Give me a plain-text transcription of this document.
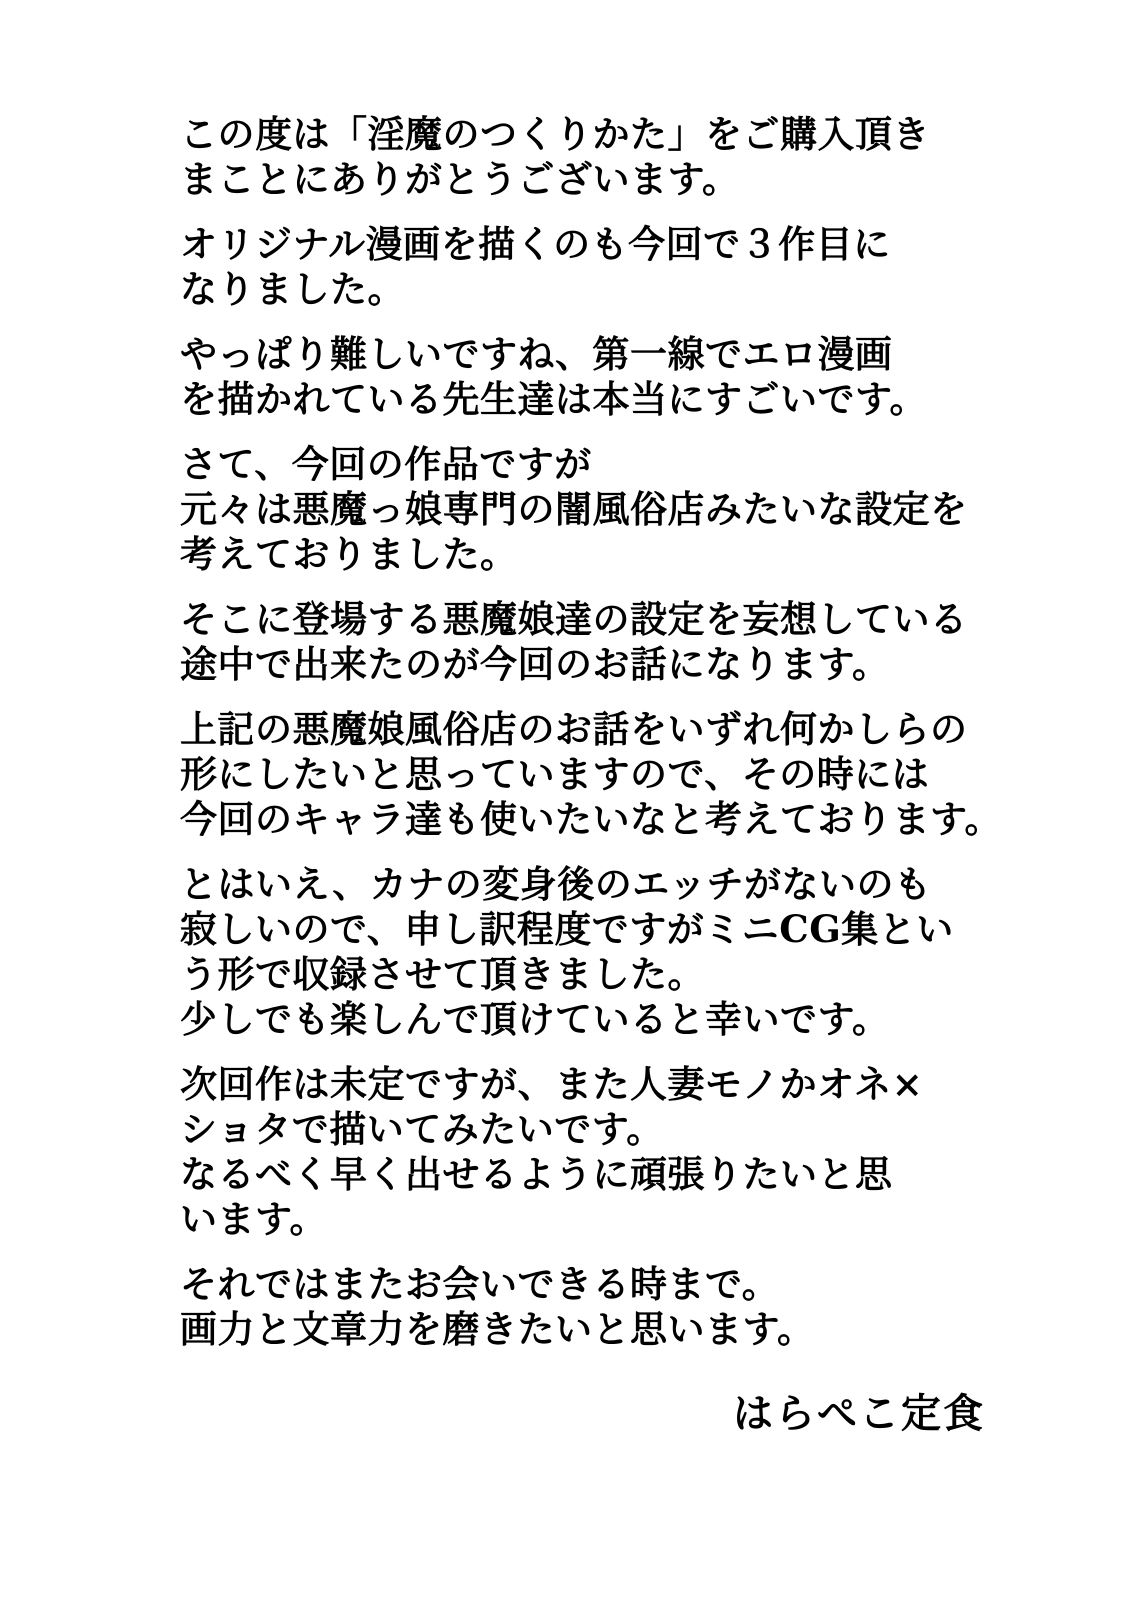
この度は「淫魔のつくりかた」をご購入頂き
まことにありがとうございます。

オリジナル漫画を描くのも今回で３作目に
なりました。

やっぱり難しいですね、第一線でエロ漫画
を描かれている先生達は本当にすごいです。

さて、今回の作品ですが
元々は悪魔っ娘専門の闇風俗店みたいな設定を
考えておりました。

そこに登場する悪魔娘達の設定を妄想している
途中で出来たのが今回のお話になります。

上記の悪魔娘風俗店のお話をいずれ何かしらの
形にしたいと思っていますので、その時には
今回のキャラ達も使いたいなと考えております。

とはいえ、カナの変身後のエッチがないのも
寂しいので、申し訳程度ですがミニCG集とい
う形で収録させて頂きました。
少しでも楽しんで頂けていると幸いです。

次回作は未定ですが、また人妻モノかオネ×
ショタで描いてみたいです。
なるべく早く出せるように頑張りたいと思
います。

それではまたお会いできる時まで。
画力と文章力を磨きたいと思います。

はらぺこ定食
